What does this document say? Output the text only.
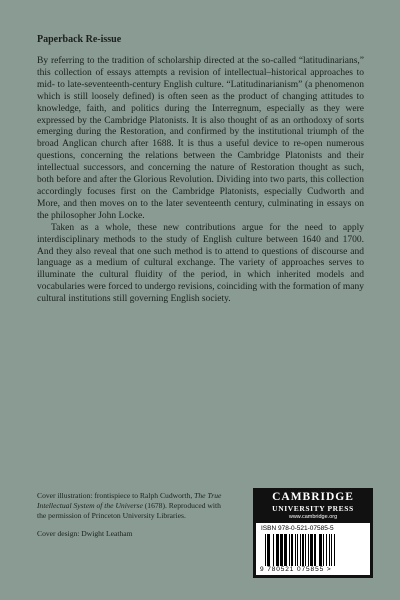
Paperback Re-issue

By referring to the tradition of scholarship directed at the so-called “latitudinarians,” this collection of essays attempts a revision of intellectual–historical approaches to mid- to late-seventeenth-century English culture. “Latitudinarianism” (a phenomenon which is still loosely defined) is often seen as the product of changing attitudes to knowledge, faith, and politics during the Interregnum, especially as they were expressed by the Cambridge Platonists. It is also thought of as an orthodoxy of sorts emerging during the Restoration, and confirmed by the institutional triumph of the broad Anglican church after 1688. It is thus a useful device to re-open numerous questions, concerning the relations between the Cambridge Platonists and their intellectual successors, and concerning the nature of Restoration thought as such, both before and after the Glorious Revolution. Dividing into two parts, this collection accordingly focuses first on the Cambridge Platonists, especially Cudworth and More, and then moves on to the later seventeenth century, culminating in essays on the philosopher John Locke.

Taken as a whole, these new contributions argue for the need to apply interdisciplinary methods to the study of English culture between 1640 and 1700. And they also reveal that one such method is to attend to questions of discourse and language as a medium of cultural exchange. The variety of approaches serves to illuminate the cultural fluidity of the period, in which inherited models and vocabularies were forced to undergo revisions, coinciding with the formation of many cultural institutions still governing English society.

Cover illustration: frontispiece to Ralph Cudworth, The True Intellectual System of the Universe (1678). Reproduced with the permission of Princeton University Libraries.

Cover design: Dwight Leatham

CAMBRIDGE
UNIVERSITY PRESS
www.cambridge.org
ISBN 978-0-521-07585-5
9 780521 075855 >
